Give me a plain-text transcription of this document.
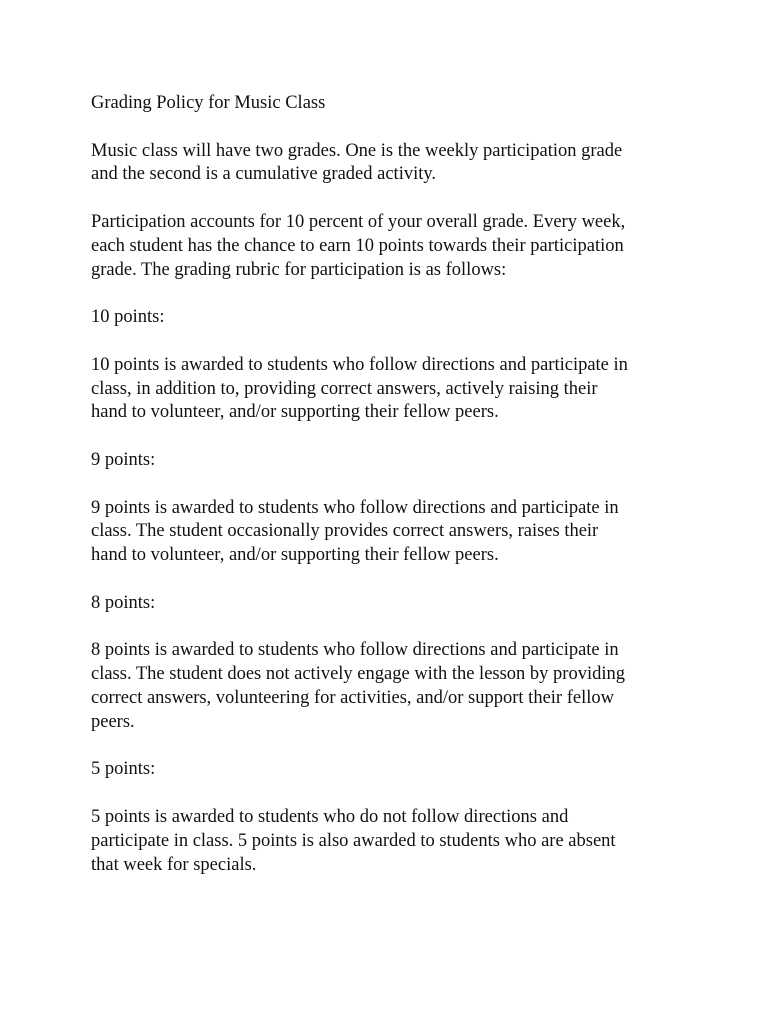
Grading Policy for Music Class

Music class will have two grades. One is the weekly participation grade
and the second is a cumulative graded activity.

Participation accounts for 10 percent of your overall grade. Every week,
each student has the chance to earn 10 points towards their participation
grade. The grading rubric for participation is as follows:

10 points:

10 points is awarded to students who follow directions and participate in
class, in addition to, providing correct answers, actively raising their
hand to volunteer, and/or supporting their fellow peers.

9 points:

9 points is awarded to students who follow directions and participate in
class. The student occasionally provides correct answers, raises their
hand to volunteer, and/or supporting their fellow peers.

8 points:

8 points is awarded to students who follow directions and participate in
class. The student does not actively engage with the lesson by providing
correct answers, volunteering for activities, and/or support their fellow
peers.

5 points:

5 points is awarded to students who do not follow directions and
participate in class. 5 points is also awarded to students who are absent
that week for specials.
